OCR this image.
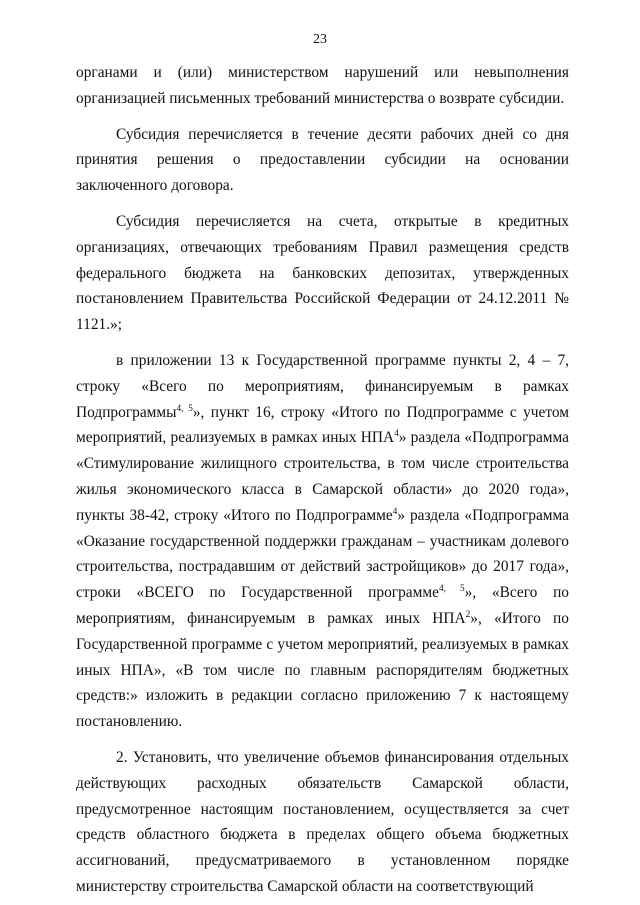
23

органами и (или) министерством нарушений или невыполнения организацией письменных требований министерства о возврате субсидии.

Субсидия перечисляется в течение десяти рабочих дней со дня принятия решения о предоставлении субсидии на основании заключенного договора.

Субсидия перечисляется на счета, открытые в кредитных организациях, отвечающих требованиям Правил размещения средств федерального бюджета на банковских депозитах, утвержденных постановлением Правительства Российской Федерации от 24.12.2011 № 1121.»;

в приложении 13 к Государственной программе пункты 2, 4 – 7, строку «Всего по мероприятиям, финансируемым в рамках Подпрограммы$^{4, 5}$», пункт 16, строку «Итого по Подпрограмме с учетом мероприятий, реализуемых в рамках иных НПА$^4$» раздела «Подпрограмма «Стимулирование жилищного строительства, в том числе строительства жилья экономического класса в Самарской области» до 2020 года», пункты 38-42, строку «Итого по Подпрограмме$^4$» раздела «Подпрограмма «Оказание государственной поддержки гражданам – участникам долевого строительства, пострадавшим от действий застройщиков» до 2017 года», строки «ВСЕГО по Государственной программе$^{4, 5}$», «Всего по мероприятиям, финансируемым в рамках иных НПА$^2$», «Итого по Государственной программе с учетом мероприятий, реализуемых в рамках иных НПА», «В том числе по главным распорядителям бюджетных средств:» изложить в редакции согласно приложению 7 к настоящему постановлению.

2. Установить, что увеличение объемов финансирования отдельных действующих расходных обязательств Самарской области, предусмотренное настоящим постановлением, осуществляется за счет средств областного бюджета в пределах общего объема бюджетных ассигнований, предусматриваемого в установленном порядке министерству строительства Самарской области на соответствующий
